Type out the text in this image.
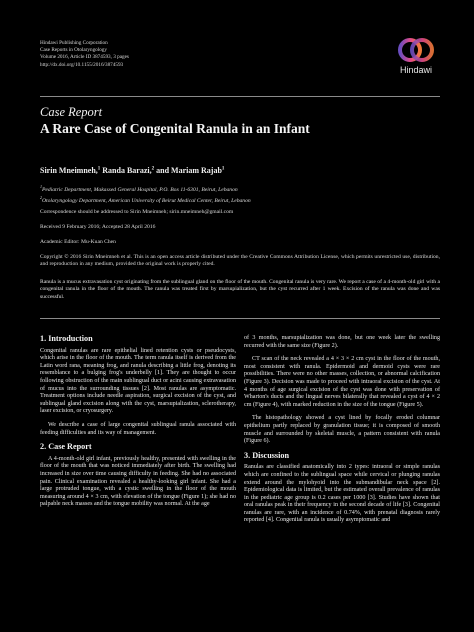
Hindawi Publishing Corporation
Case Reports in Otolaryngology
Volume 2016, Article ID 3874593, 3 pages
http://dx.doi.org/10.1155/2016/3874593
Hindawi
Case Report
A Rare Case of Congenital Ranula in an Infant
Sirin Mneimneh,$^1$ Randa Barazi,$^2$ and Mariam Rajab$^1$
$^1$Pediatric Department, Makassed General Hospital, P.O. Box 11-6301, Beirut, Lebanon
$^2$Otolaryngology Department, American University of Beirut Medical Center, Beirut, Lebanon
Correspondence should be addressed to Sirin Mneimneh; sirin.mneimneh@gmail.com
Received 9 February 2016; Accepted 28 April 2016
Academic Editor: Mu-Kuan Chen
Copyright © 2016 Sirin Mneimneh et al. This is an open access article distributed under the Creative Commons Attribution License, which permits unrestricted use, distribution, and reproduction in any medium, provided the original work is properly cited.
Ranula is a mucus extravasation cyst originating from the sublingual gland on the floor of the mouth. Congenital ranula is very rare. We report a case of a 4-month-old girl with a congenital ranula in the floor of the mouth. The ranula was treated first by marsupialization, but the cyst recurred after 1 week. Excision of the ranula was done and was successful.
1. Introduction

Congenital ranulas are rare epithelial lined retention cysts or pseudocysts, which arise in the floor of the mouth. The term ranula itself is derived from the Latin word rana, meaning frog, and ranula describing a little frog, denoting its resemblance to a bulging frog's underbelly [1]. They are thought to occur following obstruction of the main sublingual duct or acini causing extravasation of mucus into the surrounding tissues [2]. Most ranulas are asymptomatic. Treatment options include needle aspiration, surgical excision of the cyst, and sublingual gland excision along with the cyst, marsupialization, sclerotherapy, laser excision, or cryosurgery.

We describe a case of large congenital sublingual ranula associated with feeding difficulties and its way of management.

2. Case Report

A 4-month-old girl infant, previously healthy, presented with swelling in the floor of the mouth that was noticed immediately after birth. The swelling had increased in size over time causing difficulty in feeding. She had no associated pain. Clinical examination revealed a healthy-looking girl infant. She had a large protruded tongue, with a cystic swelling in the floor of the mouth measuring around 4 × 3 cm, with elevation of the tongue (Figure 1); she had no palpable neck masses and the tongue mobility was normal. At the age

of 3 months, marsupialization was done, but one week later the swelling recurred with the same size (Figure 2).

CT scan of the neck revealed a 4 × 3 × 2 cm cyst in the floor of the mouth, most consistent with ranula. Epidermoid and dermoid cysts were rare possibilities. There were no other masses, collection, or abnormal calcification (Figure 3). Decision was made to proceed with intraoral excision of the cyst. At 4 months of age surgical excision of the cyst was done with preservation of Wharton's ducts and the lingual nerves bilaterally that revealed a cyst of 4 × 2 cm (Figure 4), with marked reduction in the size of the tongue (Figure 5).

The histopathology showed a cyst lined by focally eroded columnar epithelium partly replaced by granulation tissue; it is composed of smooth muscle and surrounded by skeletal muscle, a pattern consistent with ranula (Figure 6).

3. Discussion

Ranulas are classified anatomically into 2 types: intraoral or simple ranulas which are confined to the sublingual space while cervical or plunging ranulas extend around the mylohyoid into the submandibular neck space [2]. Epidemiological data is limited, but the estimated overall prevalence of ranulas in the pediatric age group is 0.2 cases per 1000 [3]. Studies have shown that oral ranulas peak in their frequency in the second decade of life [3]. Congenital ranulas are rare, with an incidence of 0.74%, with prenatal diagnosis rarely reported [4]. Congenital ranula is usually asymptomatic and
